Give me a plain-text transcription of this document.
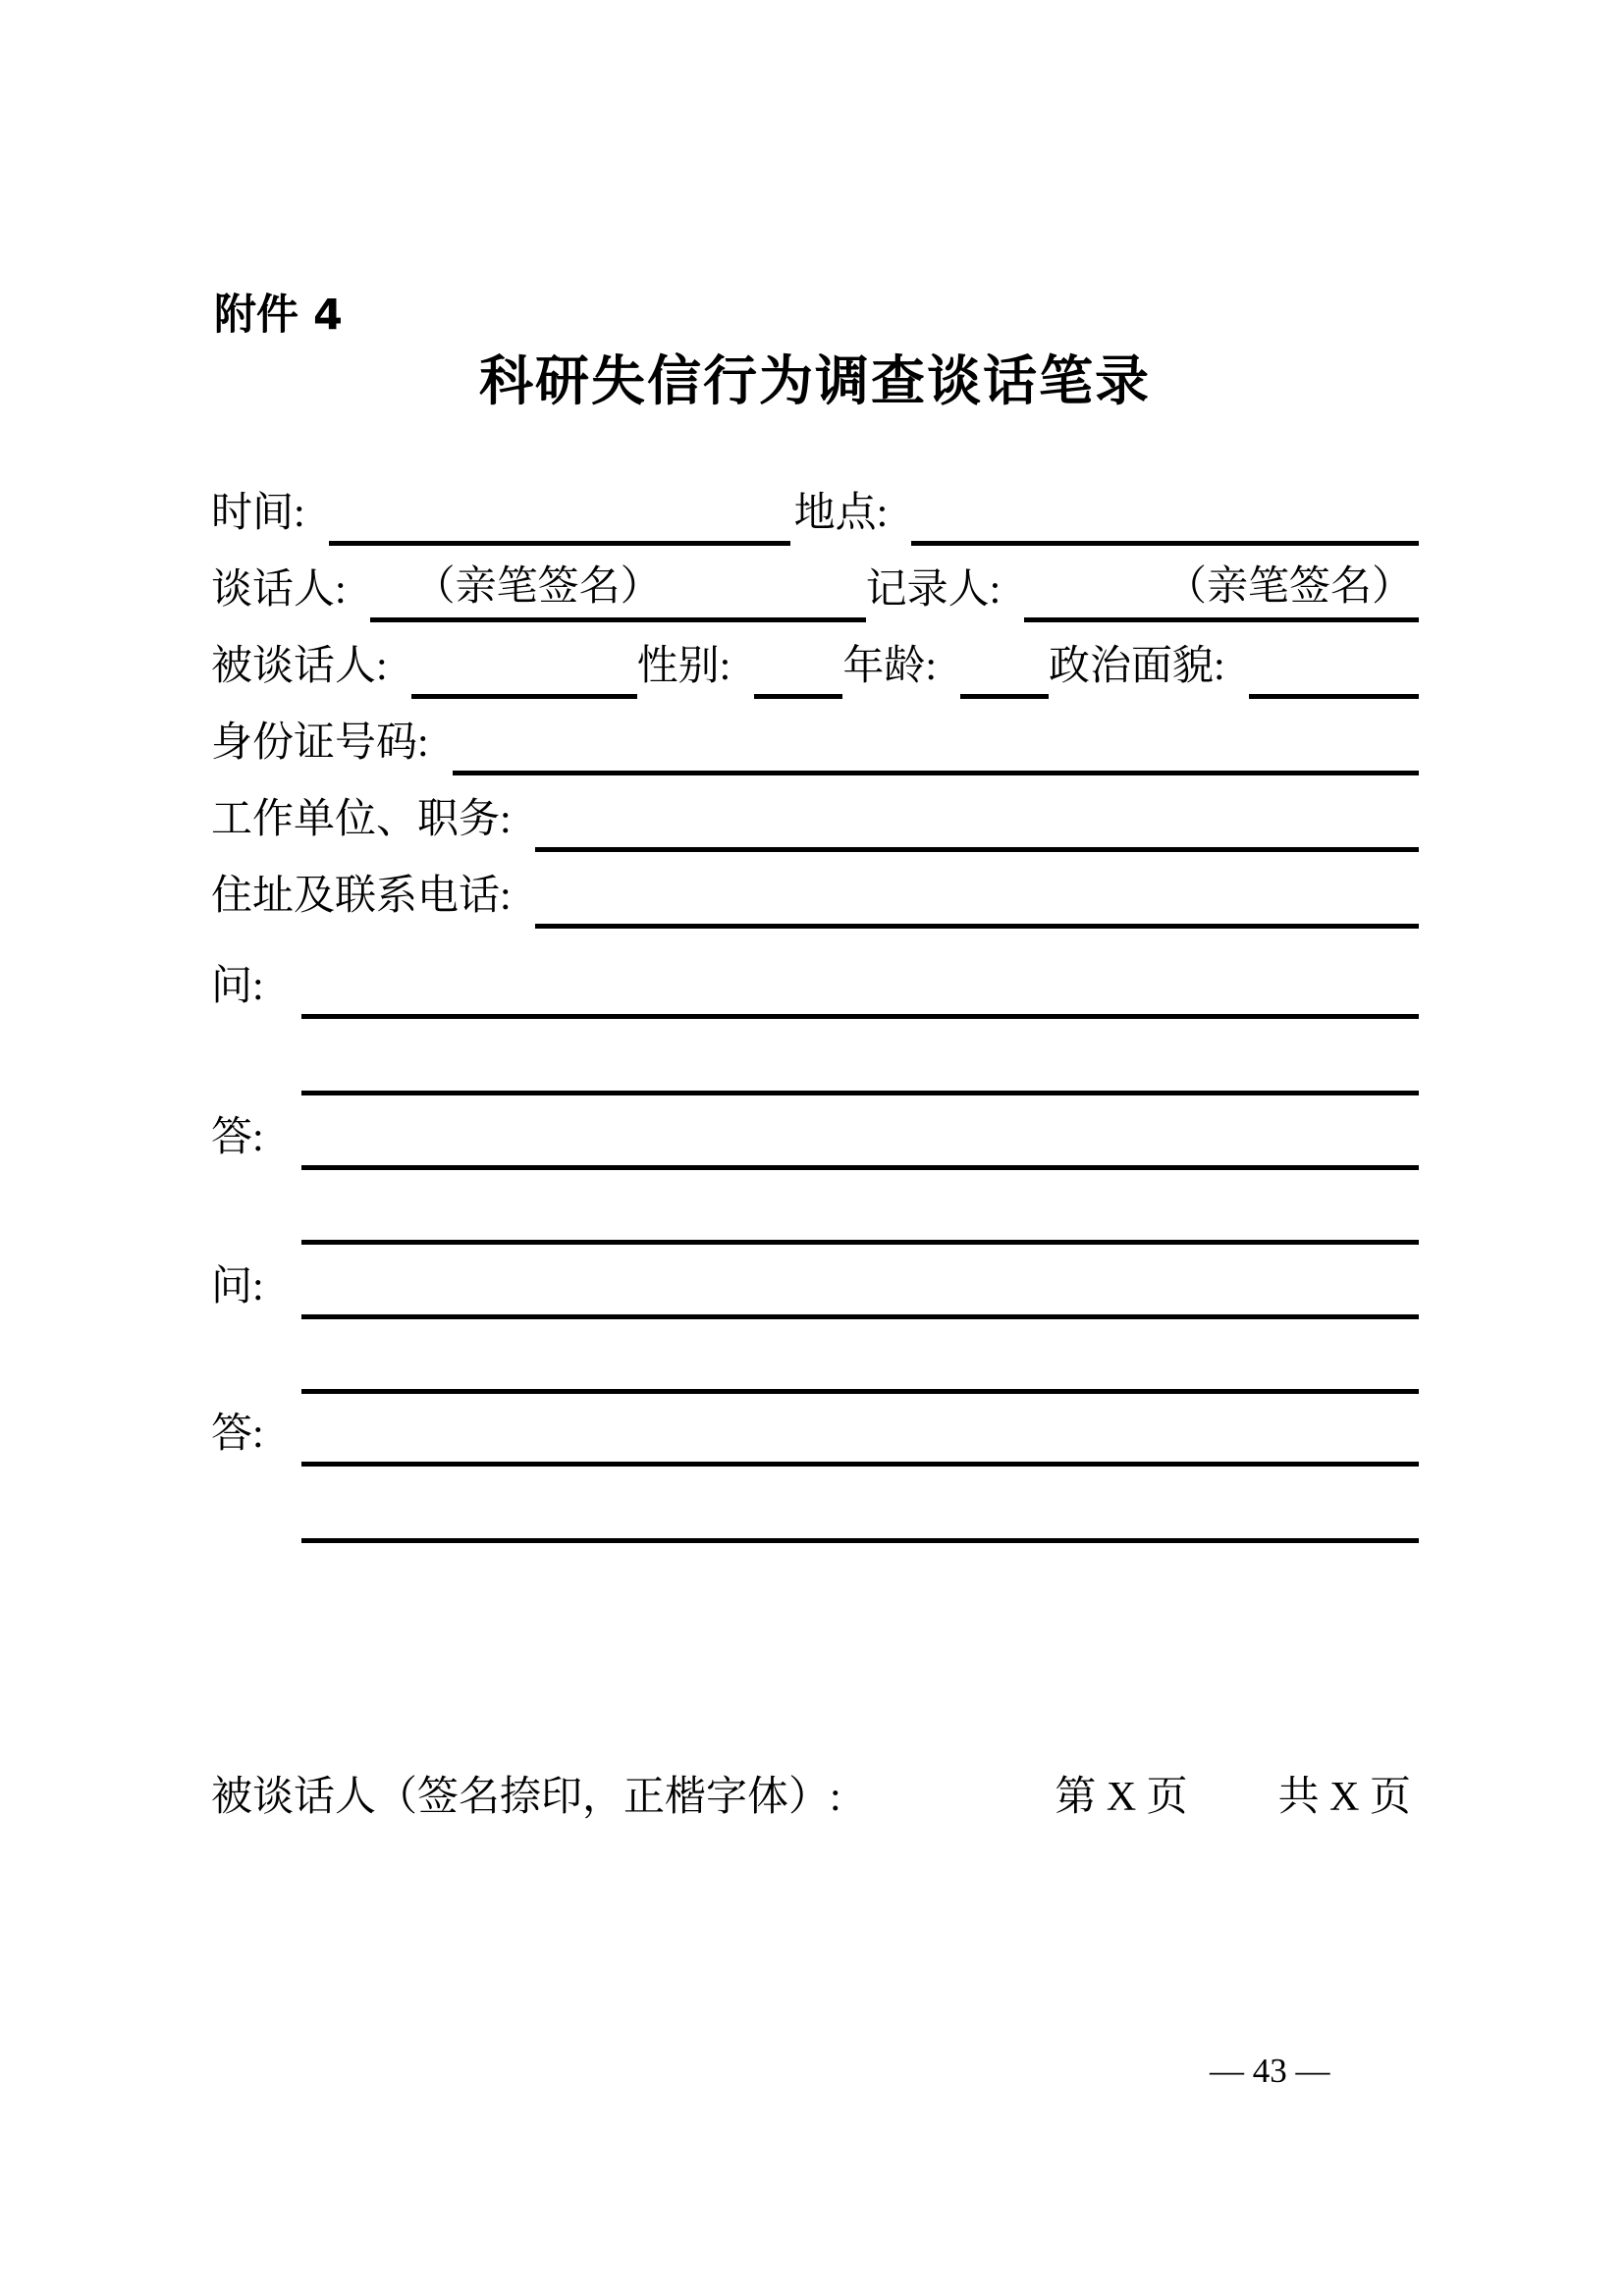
附件 4
科研失信行为调查谈话笔录
时间:	地点:
谈话人:	（亲笔签名）	记录人:	（亲笔签名）
被谈话人:	性别:	年龄:	政治面貌:
身份证号码:
工作单位、职务:
住址及联系电话:
问:
答:
问:
答:
被谈话人（签名捺印，正楷字体）:	第 X 页 共 X 页
— 43 —
